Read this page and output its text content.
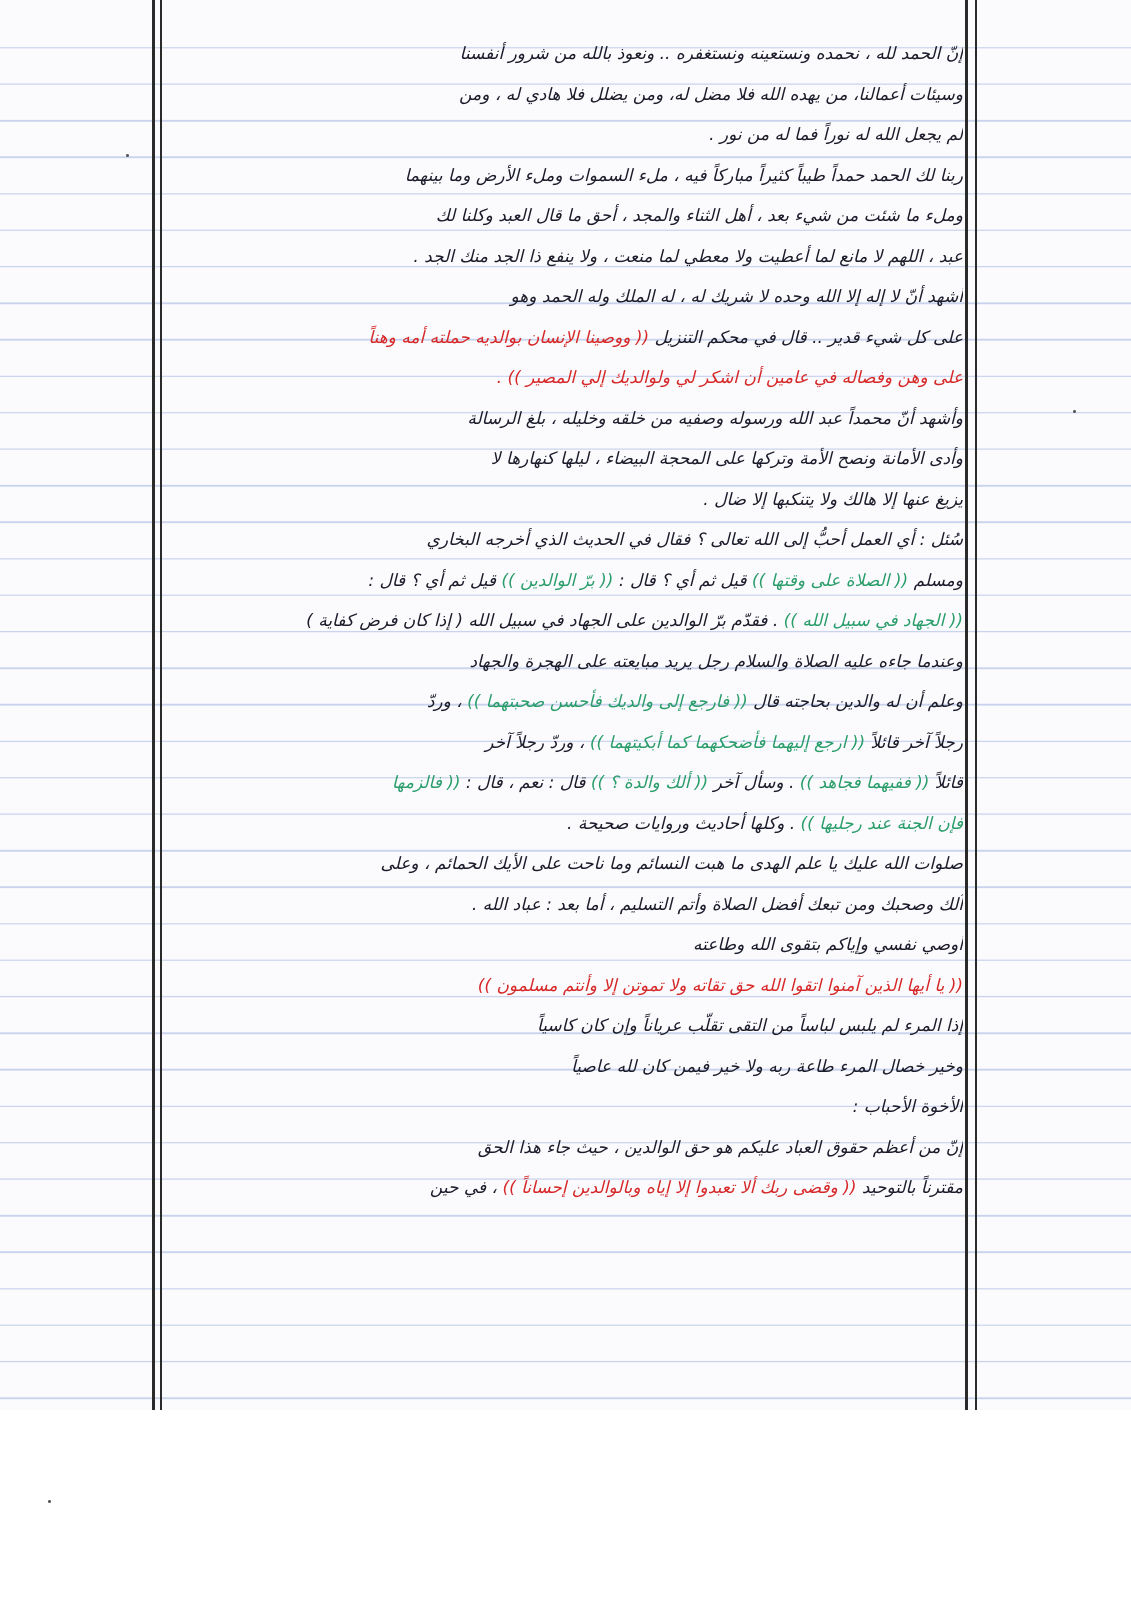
إنّ الحمد لله ، نحمده ونستعينه ونستغفره .. ونعوذ بالله من شرور أنفسنا
وسيئات أعمالنا، من يهده الله فلا مضل له، ومن يضلل فلا هادي له ، ومن
لم يجعل الله له نوراً فما له من نور .
ربنا لك الحمد حمداً طيباً كثيراً مباركاً فيه ، ملء السموات وملء الأرض وما بينهما
وملء ما شئت من شيء بعد ، أهل الثناء والمجد ، أحق ما قال العبد وكلنا لك
عبد ، اللهم لا مانع لما أعطيت ولا معطي لما منعت ، ولا ينفع ذا الجد منك الجد .
أشهد أنّ لا إله إلا الله وحده لا شريك له ، له الملك وله الحمد وهو
على كل شيء قدير .. قال في محكم التنزيل (( ووصينا الإنسان بوالديه حملته أمه وهناً
على وهن وفصاله في عامين أن اشكر لي ولوالديك إلي المصير )) .
وأشهد أنّ محمداً عبد الله ورسوله وصفيه من خلقه وخليله ، بلغ الرسالة
وأدى الأمانة ونصح الأمة وتركها على المحجة البيضاء ، ليلها كنهارها لا
يزيغ عنها إلا هالك ولا يتنكبها إلا ضال .
سُئل : أي العمل أحبُّ إلى الله تعالى ؟ فقال في الحديث الذي أخرجه البخاري
ومسلم (( الصلاة على وقتها )) قيل ثم أي ؟ قال : (( برّ الوالدين )) قيل ثم أي ؟ قال :
(( الجهاد في سبيل الله )) . فقدّم برّ الوالدين على الجهاد في سبيل الله ( إذا كان فرض كفاية )
وعندما جاءه عليه الصلاة والسلام رجل يريد مبايعته على الهجرة والجهاد
وعلم أن له والدين بحاجته قال (( فارجع إلى والديك فأحسن صحبتهما )) ، وردّ
رجلاً آخر قائلاً (( ارجع إليهما فأضحكهما كما أبكيتهما )) ، وردّ رجلاً آخر
قائلاً (( ففيهما فجاهد )) . وسأل آخر (( ألك والدة ؟ )) قال : نعم ، قال : (( فالزمها
فإن الجنة عند رجليها )) . وكلها أحاديث وروايات صحيحة .
صلوات الله عليك يا علم الهدى ما هبت النسائم وما ناحت على الأيك الحمائم ، وعلى
آلك وصحبك ومن تبعك أفضل الصلاة وأتم التسليم ، أما بعد : عباد الله .
أوصي نفسي وإياكم بتقوى الله وطاعته
(( يا أيها الذين آمنوا اتقوا الله حق تقاته ولا تموتن إلا وأنتم مسلمون ))
إذا المرء لم يلبس لباساً من التقى تقلّب عرياناً وإن كان كاسياً
وخير خصال المرء طاعة ربه ولا خير فيمن كان لله عاصياً
الأخوة الأحباب :
إنّ من أعظم حقوق العباد عليكم هو حق الوالدين ، حيث جاء هذا الحق
مقترناً بالتوحيد (( وقضى ربك ألا تعبدوا إلا إياه وبالوالدين إحساناً )) ، في حين
